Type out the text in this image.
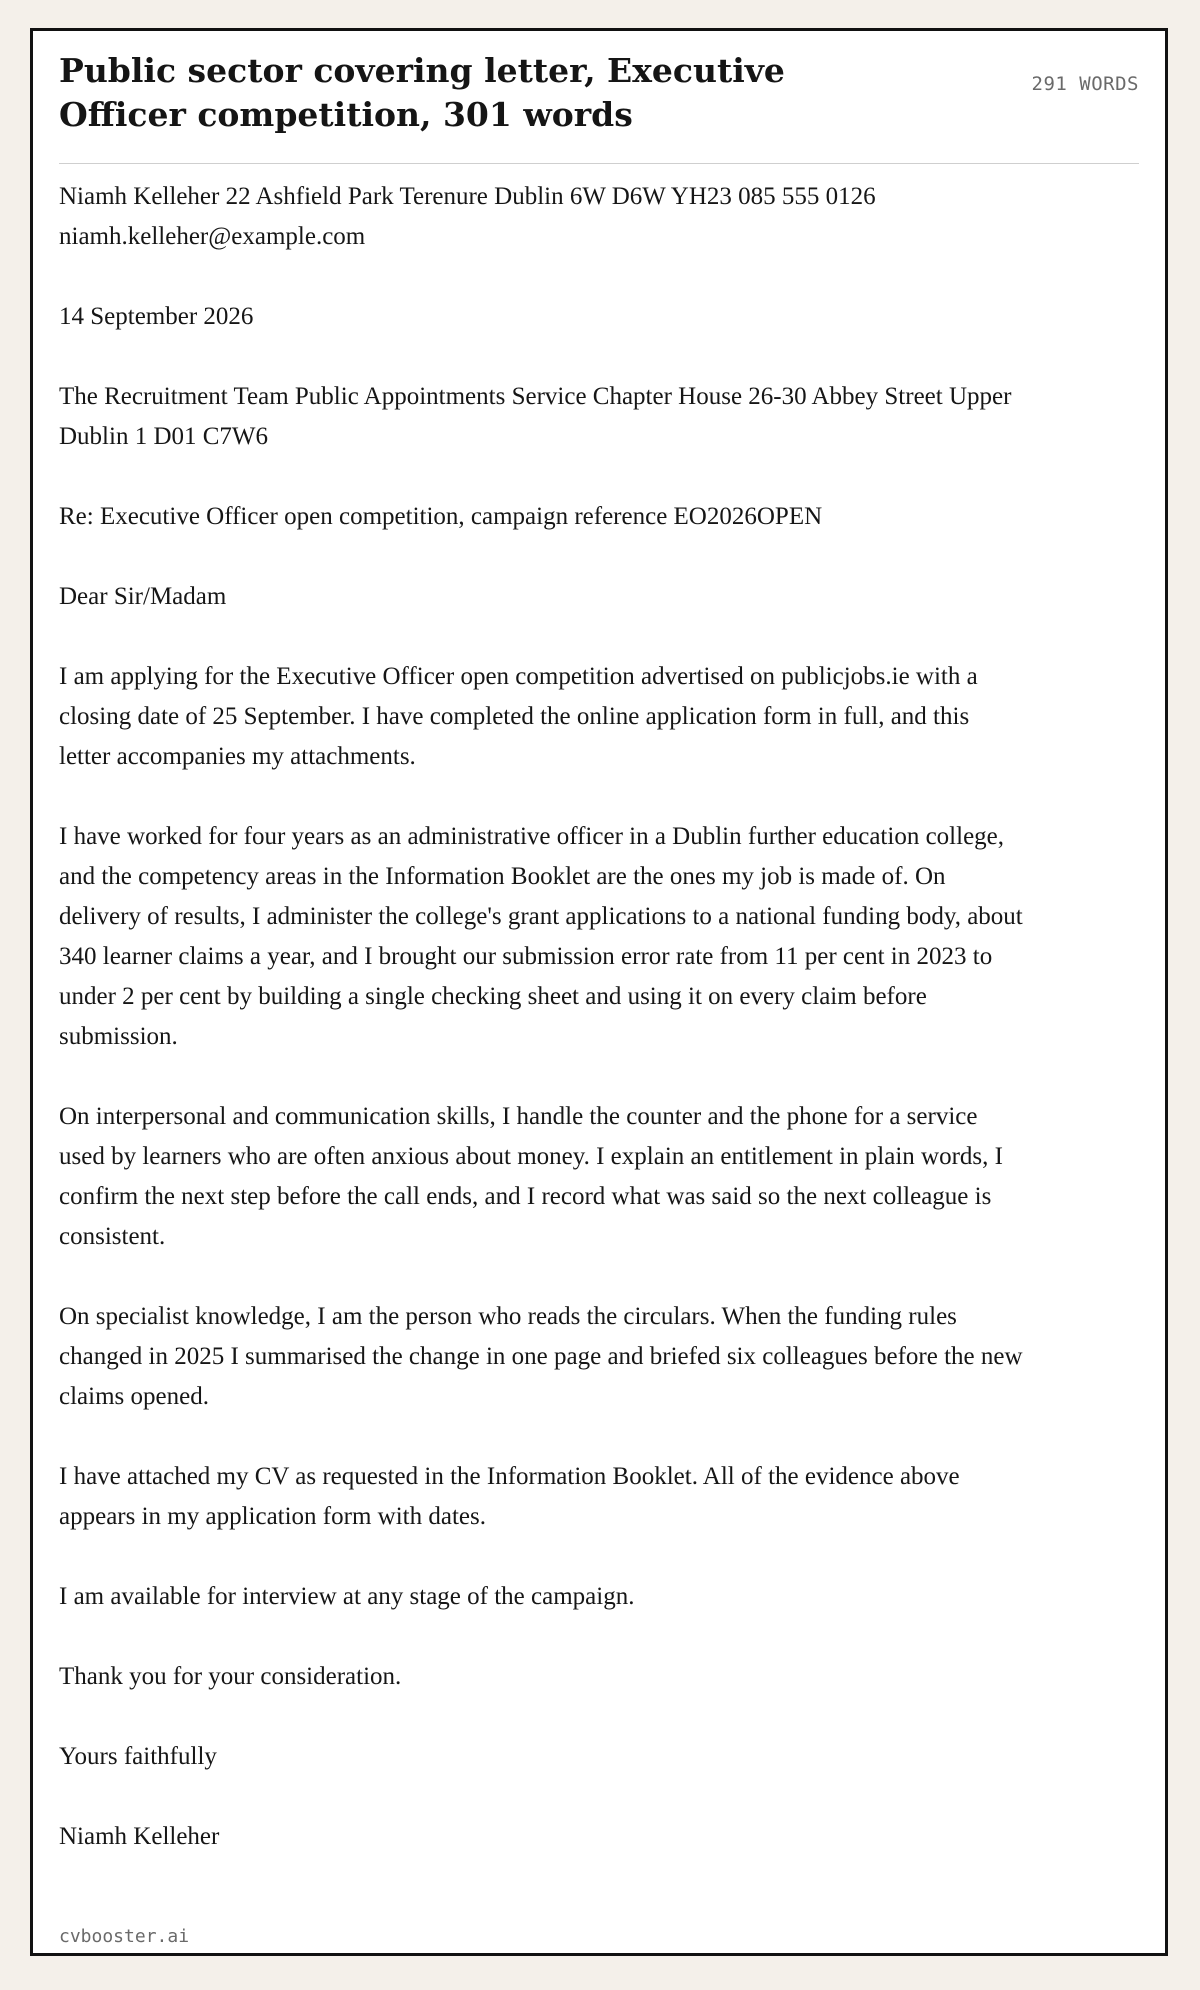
Public sector covering letter, Executive Officer competition, 301 words
291 WORDS

Niamh Kelleher 22 Ashfield Park Terenure Dublin 6W D6W YH23 085 555 0126 niamh.kelleher@example.com

14 September 2026

The Recruitment Team Public Appointments Service Chapter House 26-30 Abbey Street Upper Dublin 1 D01 C7W6

Re: Executive Officer open competition, campaign reference EO2026OPEN

Dear Sir/Madam

I am applying for the Executive Officer open competition advertised on publicjobs.ie with a closing date of 25 September. I have completed the online application form in full, and this letter accompanies my attachments.

I have worked for four years as an administrative officer in a Dublin further education college, and the competency areas in the Information Booklet are the ones my job is made of. On delivery of results, I administer the college's grant applications to a national funding body, about 340 learner claims a year, and I brought our submission error rate from 11 per cent in 2023 to under 2 per cent by building a single checking sheet and using it on every claim before submission.

On interpersonal and communication skills, I handle the counter and the phone for a service used by learners who are often anxious about money. I explain an entitlement in plain words, I confirm the next step before the call ends, and I record what was said so the next colleague is consistent.

On specialist knowledge, I am the person who reads the circulars. When the funding rules changed in 2025 I summarised the change in one page and briefed six colleagues before the new claims opened.

I have attached my CV as requested in the Information Booklet. All of the evidence above appears in my application form with dates.

I am available for interview at any stage of the campaign.

Thank you for your consideration.

Yours faithfully

Niamh Kelleher

cvbooster.ai
